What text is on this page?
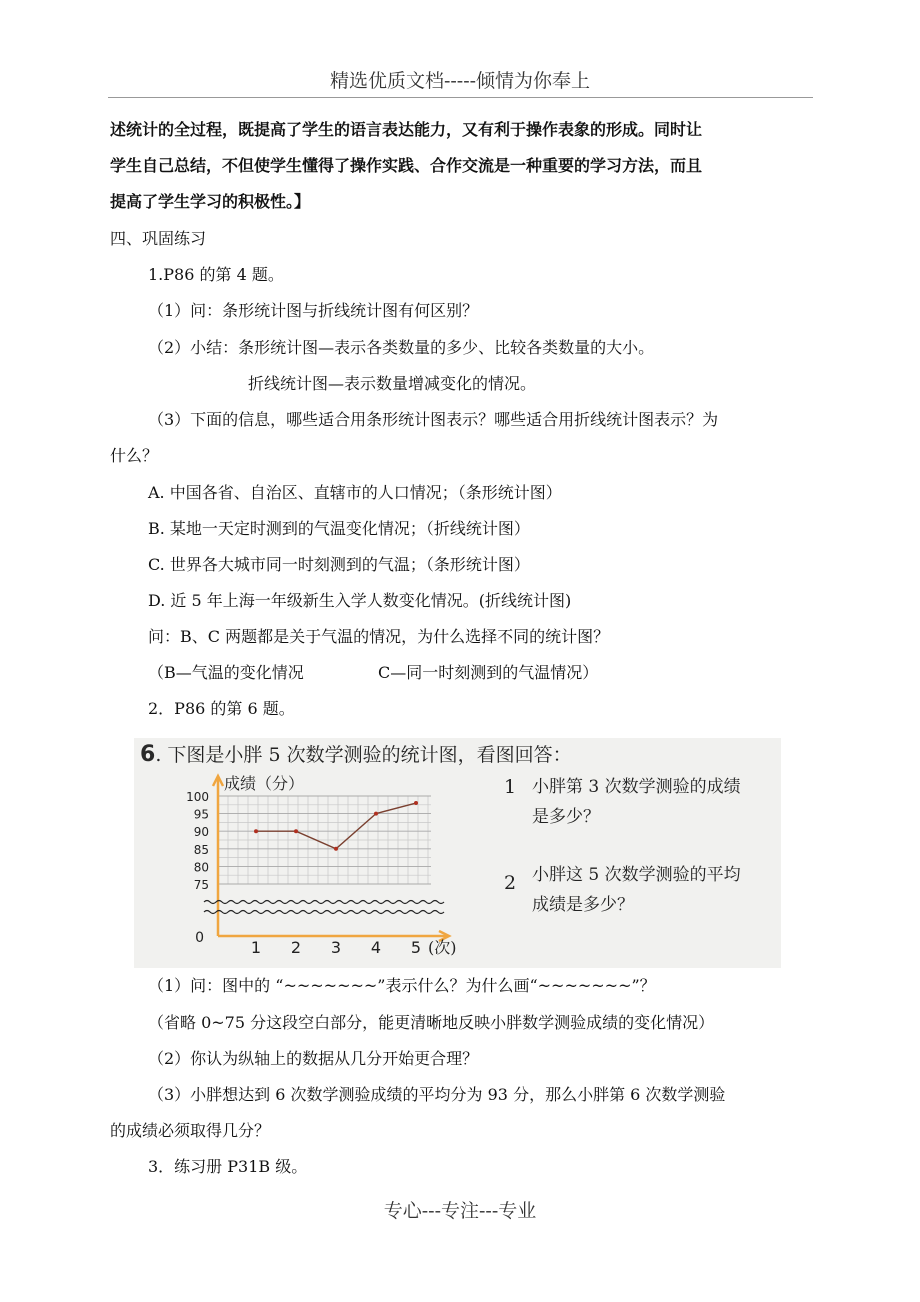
精选优质文档-----倾情为你奉上
述统计的全过程，既提高了学生的语言表达能力，又有利于操作表象的形成。同时让
学生自己总结，不但使学生懂得了操作实践、合作交流是一种重要的学习方法，而且
提高了学生学习的积极性。】
四、巩固练习
1.P86 的第 4 题。
（1）问：条形统计图与折线统计图有何区别？
（2）小结：条形统计图—表示各类数量的多少、比较各类数量的大小。
折线统计图—表示数量增减变化的情况。
（3）下面的信息，哪些适合用条形统计图表示？哪些适合用折线统计图表示？为
什么？
A. 中国各省、自治区、直辖市的人口情况；（条形统计图）
B. 某地一天定时测到的气温变化情况；（折线统计图）
C. 世界各大城市同一时刻测到的气温；（条形统计图）
D. 近 5 年上海一年级新生入学人数变化情况。(折线统计图)
问：B、C 两题都是关于气温的情况，为什么选择不同的统计图？
（B—气温的变化情况	C—同一时刻测到的气温情况）
2．P86 的第 6 题。
6. 下图是小胖 5 次数学测验的统计图，看图回答：
成绩（分）
75
80
85
90
95
100
0	1 2 3 4 5 (次)
1 小胖第 3 次数学测验的成绩
是多少？
2 小胖这 5 次数学测验的平均
成绩是多少？
（1）问：图中的 “~~~~~~~”表示什么？为什么画“~~~~~~~”？
（省略 0~75 分这段空白部分，能更清晰地反映小胖数学测验成绩的变化情况）
（2）你认为纵轴上的数据从几分开始更合理？
（3）小胖想达到 6 次数学测验成绩的平均分为 93 分，那么小胖第 6 次数学测验
的成绩必须取得几分？
3．练习册 P31B 级。
专心---专注---专业
